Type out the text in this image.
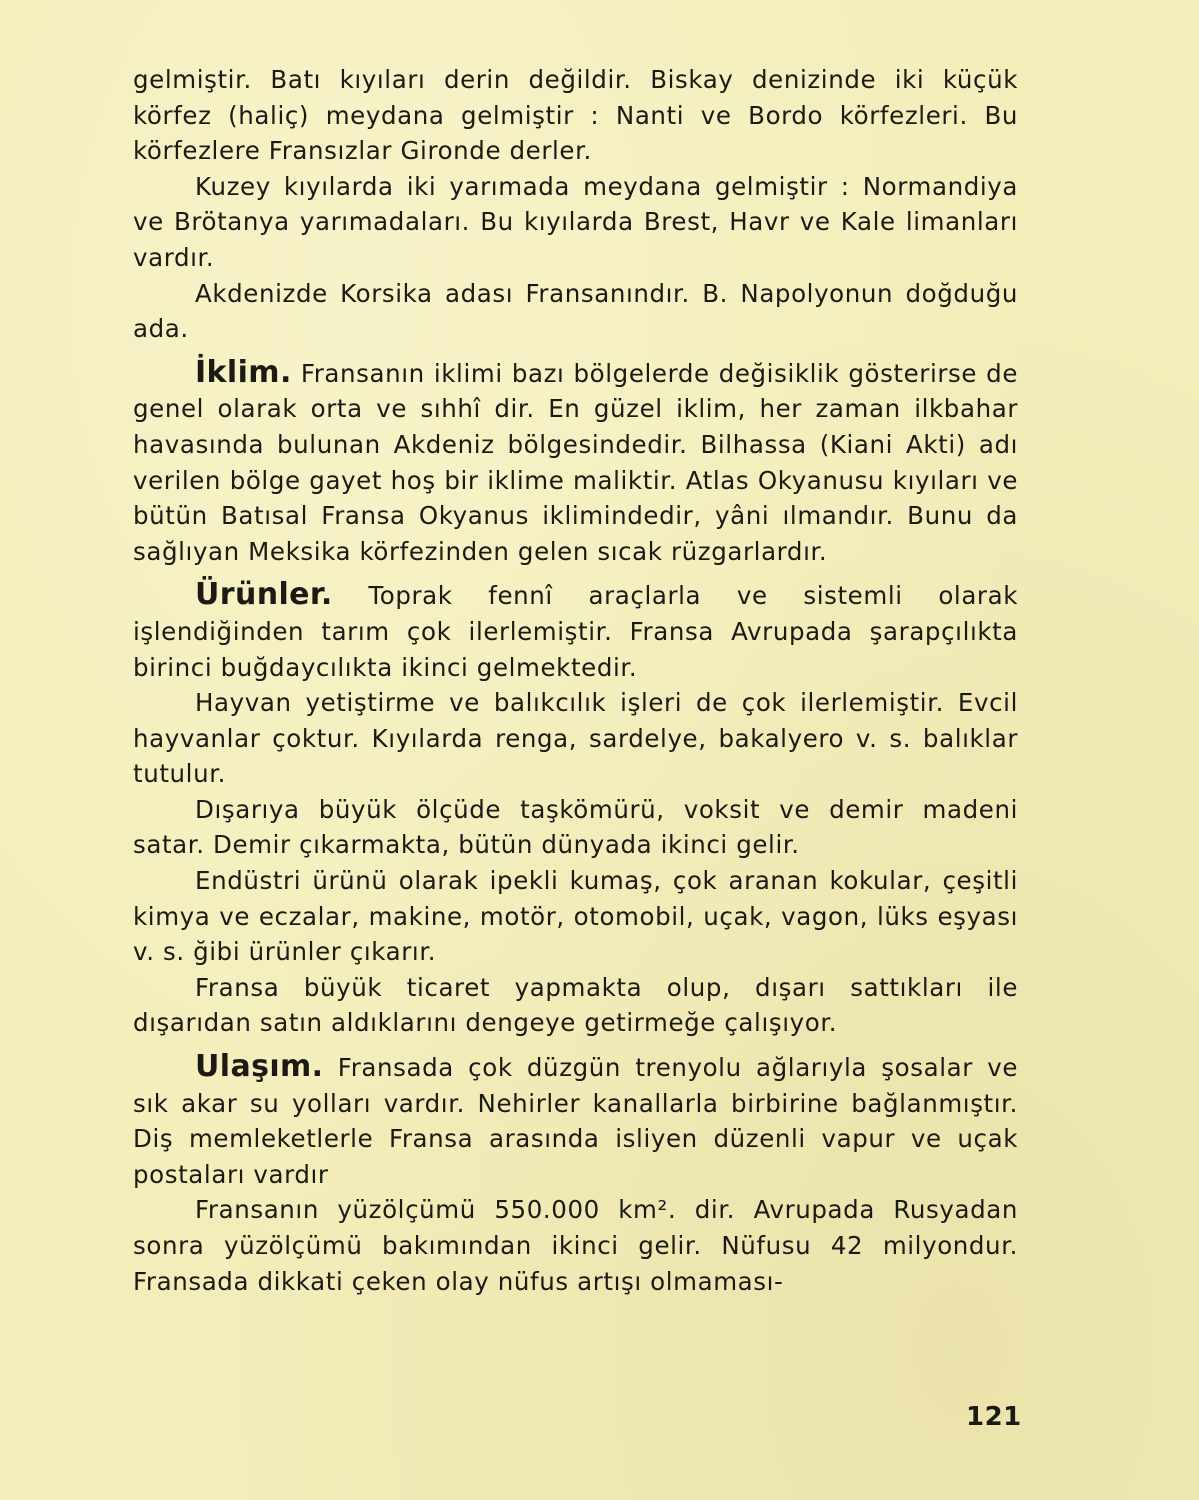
gelmiştir. Batı kıyıları derin değildir. Biskay denizinde iki küçük körfez (haliç) meydana gelmiştir : Nanti ve Bordo körfezleri. Bu körfezlere Fransızlar Gironde derler.

Kuzey kıyılarda iki yarımada meydana gelmiştir : Normandiya ve Brötanya yarımadaları. Bu kıyılarda Brest, Havr ve Kale limanları vardır.

Akdenizde Korsika adası Fransanındır. B. Napolyonun doğduğu ada.

İklim. Fransanın iklimi bazı bölgelerde değisiklik gösterirse de genel olarak orta ve sıhhî dir. En güzel iklim, her zaman ilkbahar havasında bulunan Akdeniz bölgesindedir. Bilhassa (Kiani Akti) adı verilen bölge gayet hoş bir iklime maliktir. Atlas Okyanusu kıyıları ve bütün Batısal Fransa Okyanus iklimindedir, yâni ılmandır. Bunu da sağlıyan Meksika körfezinden gelen sıcak rüzgarlardır.

Ürünler. Toprak fennî araçlarla ve sistemli olarak işlendiğinden tarım çok ilerlemiştir. Fransa Avrupada şarapçılıkta birinci buğdaycılıkta ikinci gelmektedir.

Hayvan yetiştirme ve balıkcılık işleri de çok ilerlemiştir. Evcil hayvanlar çoktur. Kıyılarda renga, sardelye, bakalyero v. s. balıklar tutulur.

Dışarıya büyük ölçüde taşkömürü, voksit ve demir madeni satar. Demir çıkarmakta, bütün dünyada ikinci gelir.

Endüstri ürünü olarak ipekli kumaş, çok aranan kokular, çeşitli kimya ve eczalar, makine, motör, otomobil, uçak, vagon, lüks eşyası v. s. ğibi ürünler çıkarır.

Fransa büyük ticaret yapmakta olup, dışarı sattıkları ile dışarıdan satın aldıklarını dengeye getirmeğe çalışıyor.

Ulaşım. Fransada çok düzgün trenyolu ağlarıyla şosalar ve sık akar su yolları vardır. Nehirler kanallarla birbirine bağlanmıştır. Diş memleketlerle Fransa arasında isliyen düzenli vapur ve uçak postaları vardır

Fransanın yüzölçümü 550.000 km². dir. Avrupada Rusyadan sonra yüzölçümü bakımından ikinci gelir. Nüfusu 42 milyondur. Fransada dikkati çeken olay nüfus artışı olmaması-

121
